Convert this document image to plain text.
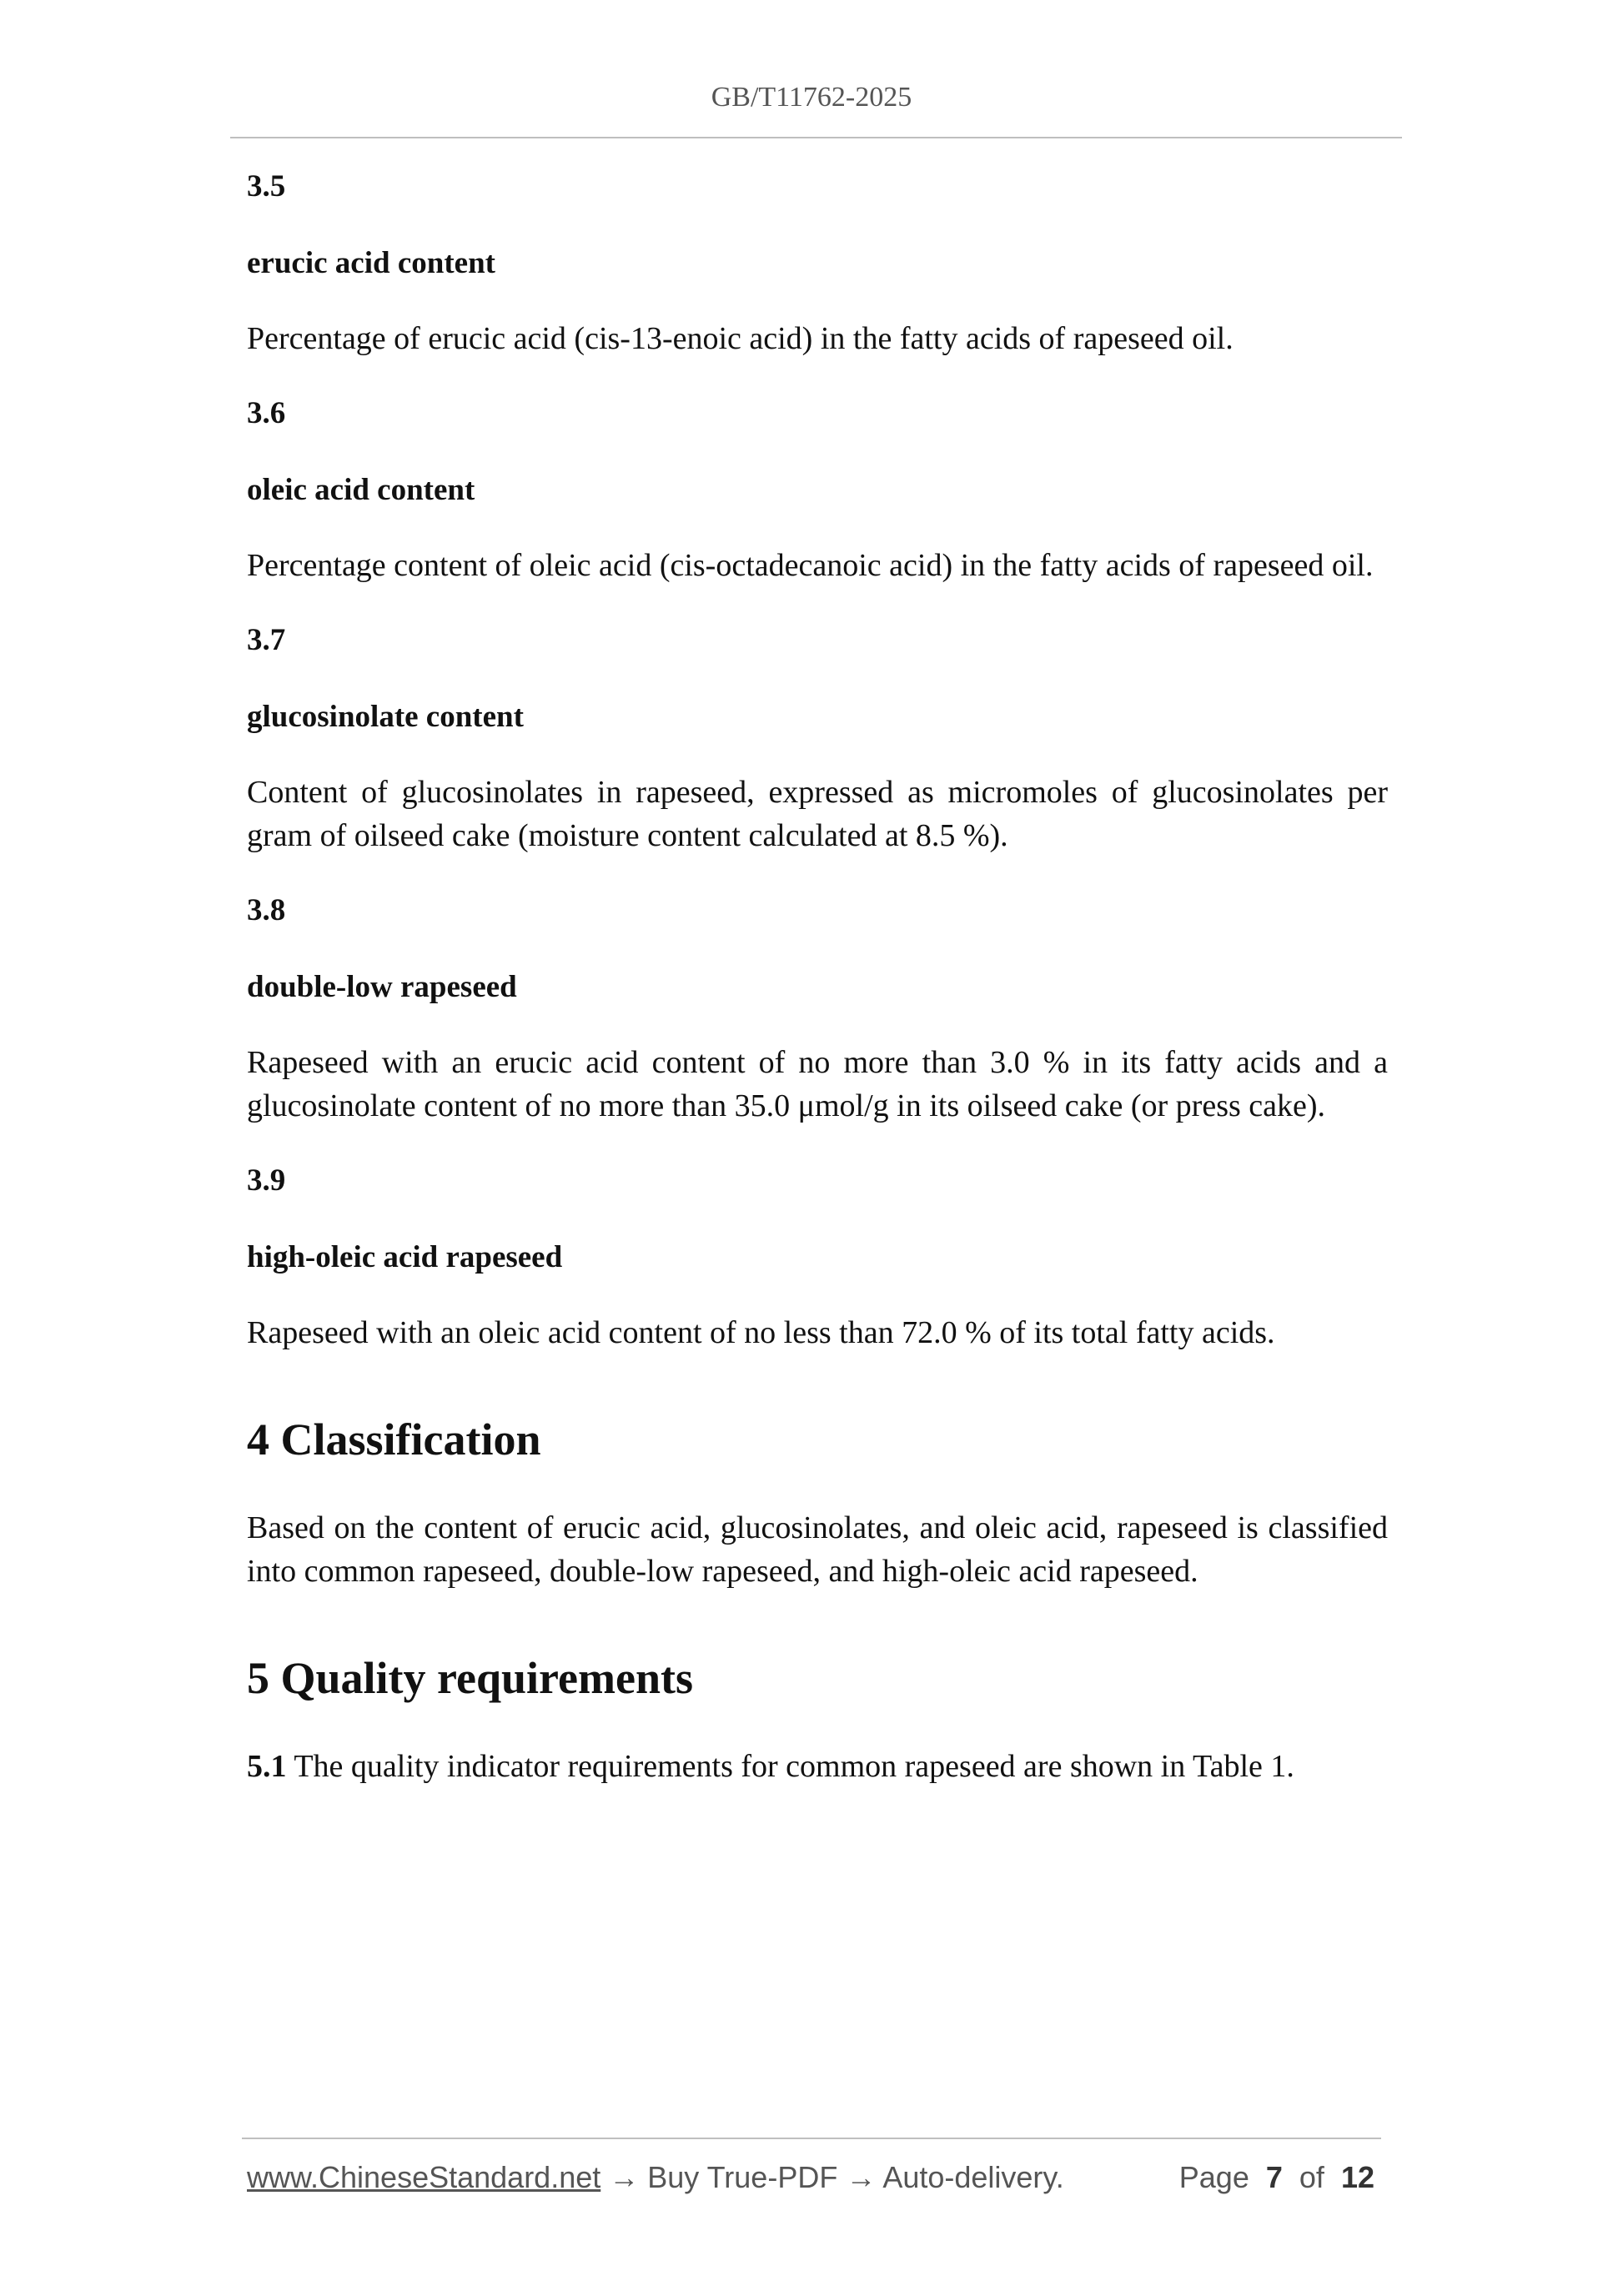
GB/T11762-2025

3.5

erucic acid content

Percentage of erucic acid (cis-13-enoic acid) in the fatty acids of rapeseed oil.

3.6

oleic acid content

Percentage content of oleic acid (cis-octadecanoic acid) in the fatty acids of rapeseed oil.

3.7

glucosinolate content

Content of glucosinolates in rapeseed, expressed as micromoles of glucosinolates per gram of oilseed cake (moisture content calculated at 8.5 %).

3.8

double-low rapeseed

Rapeseed with an erucic acid content of no more than 3.0 % in its fatty acids and a glucosinolate content of no more than 35.0 μmol/g in its oilseed cake (or press cake).

3.9

high-oleic acid rapeseed

Rapeseed with an oleic acid content of no less than 72.0 % of its total fatty acids.

4 Classification

Based on the content of erucic acid, glucosinolates, and oleic acid, rapeseed is classified into common rapeseed, double-low rapeseed, and high-oleic acid rapeseed.

5 Quality requirements

5.1 The quality indicator requirements for common rapeseed are shown in Table 1.

www.ChineseStandard.net → Buy True-PDF → Auto-delivery.	Page 7 of 12
